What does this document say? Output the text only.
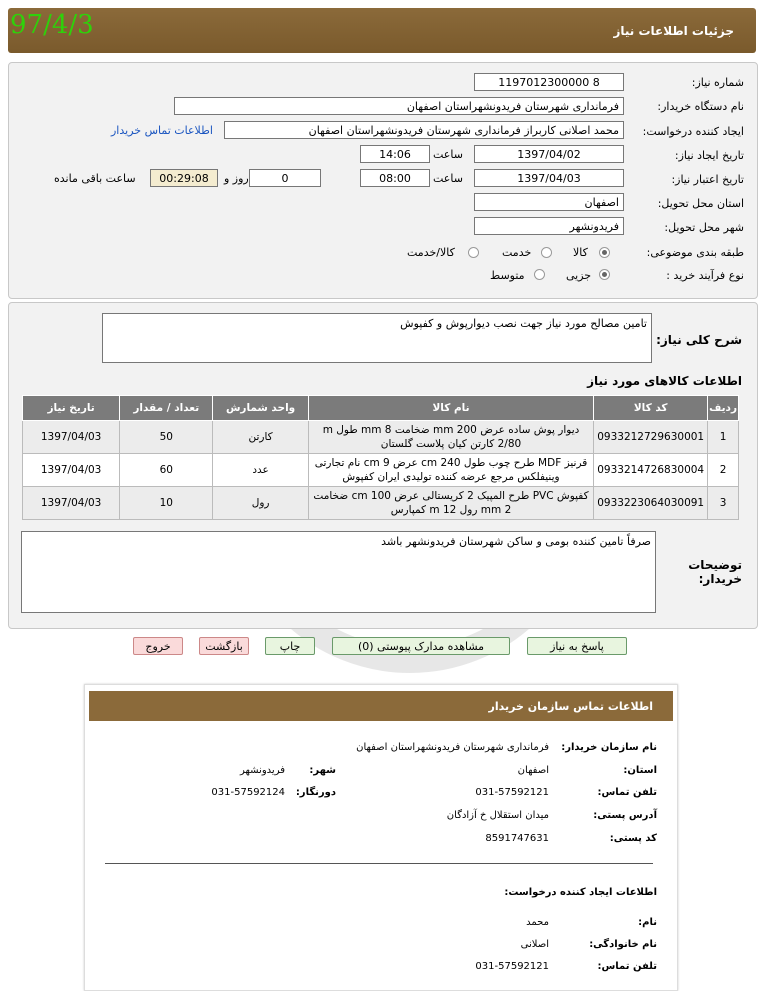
جزئیات اطلاعات نیاز
97/4/3
شماره نیاز:
1197012300000 8
نام دستگاه خریدار:
فرمانداری شهرستان فریدونشهراستان اصفهان
ایجاد کننده درخواست:
محمد اصلانی کاربراز فرمانداری شهرستان فریدونشهراستان اصفهان
اطلاعات تماس خریدار
تاریخ ایجاد نیاز:
1397/04/02
ساعت
14:06
تاریخ اعتبار نیاز:
1397/04/03
ساعت
08:00
0
روز و
00:29:08
ساعت باقی مانده
استان محل تحویل:
اصفهان
شهر محل تحویل:
فریدونشهر
طبقه بندی موضوعی:
کالا
خدمت
کالا/خدمت
نوع فرآیند خرید :
جزیی
متوسط
شرح کلی نیاز:
تامین مصالح مورد نیاز جهت نصب دیوارپوش و کفپوش
اطلاعات کالاهای مورد نیاز
ردیف	کد کالا	نام کالا	واحد شمارش	تعداد / مقدار	تاریخ نیاز
1	0933212729630001	دیوار پوش ساده عرض mm 200 ضخامت mm 8 طول m 2/80 کارتن کیان پلاست گلستان	کارتن	50	1397/04/03
2	0933214726830004	قرنیز MDF طرح چوب طول cm 240 عرض cm 9 نام تجارتی وینیفلکس مرجع عرضه کننده تولیدی ایران کفپوش	عدد	60	1397/04/03
3	0933223064030091	کفپوش PVC طرح المپیک 2 کریستالی عرض cm 100 ضخامت mm 2 رول m 12 کمپارس	رول	10	1397/04/03
توضیحات خریدار:
صرفاً تامین کننده بومی و ساکن شهرستان فریدونشهر باشد
پاسخ به نیاز
مشاهده مدارک پیوستی (0)
چاپ
بازگشت
خروج
اطلاعات تماس سازمان خریدار
نام سازمان خریدار:
فرمانداری شهرستان فریدونشهراستان اصفهان
استان:
اصفهان
شهر:
فریدونشهر
تلفن تماس:
031-57592121
دورنگار:
031-57592124
آدرس پستی:
میدان استقلال خ آزادگان
کد پستی:
8591747631
اطلاعات ایجاد کننده درخواست:
نام:
محمد
نام خانوادگی:
اصلانی
تلفن تماس:
031-57592121
